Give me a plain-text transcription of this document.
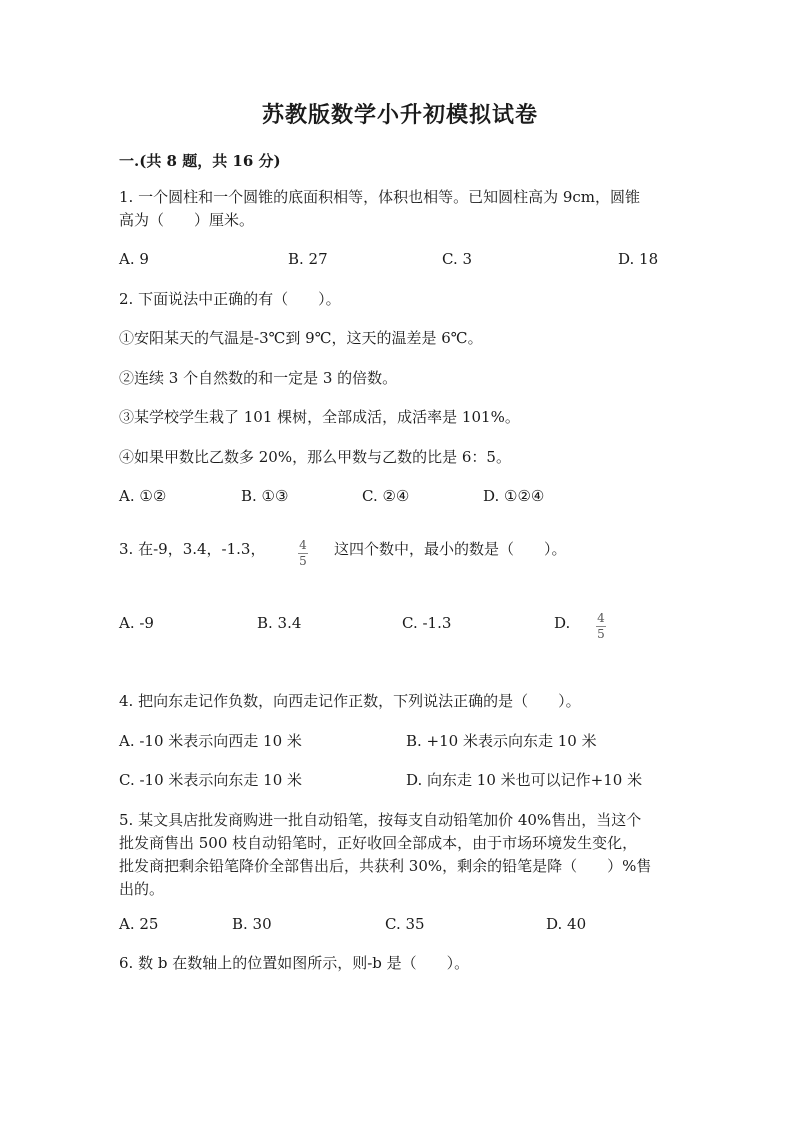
苏教版数学小升初模拟试卷
一.(共 8 题，共 16 分)
1. 一个圆柱和一个圆锥的底面积相等，体积也相等。已知圆柱高为 9cm，圆锥
高为（　　）厘米。
A. 9	B. 27	C. 3	D. 18
2. 下面说法中正确的有（　　）。
①安阳某天的气温是-3℃到 9℃，这天的温差是 6℃。
②连续 3 个自然数的和一定是 3 的倍数。
③某学校学生栽了 101 棵树，全部成活，成活率是 101%。
④如果甲数比乙数多 20%，那么甲数与乙数的比是 6：5。
A. ①②	B. ①③	C. ②④	D. ①②④
3. 在-9，3.4，-1.3，	$\frac{4}{5}$ 这四个数中，最小的数是（　　）。
A. -9	B. 3.4	C. -1.3	D. $\frac{4}{5}$
4. 把向东走记作负数，向西走记作正数，下列说法正确的是（　　）。
A. -10 米表示向西走 10 米	B. +10 米表示向东走 10 米
C. -10 米表示向东走 10 米	D. 向东走 10 米也可以记作+10 米
5. 某文具店批发商购进一批自动铅笔，按每支自动铅笔加价 40%售出，当这个
批发商售出 500 枝自动铅笔时，正好收回全部成本，由于市场环境发生变化，
批发商把剩余铅笔降价全部售出后，共获利 30%，剩余的铅笔是降（　　）%售
出的。
A. 25	B. 30	C. 35	D. 40
6. 数 b 在数轴上的位置如图所示，则-b 是（　　）。
